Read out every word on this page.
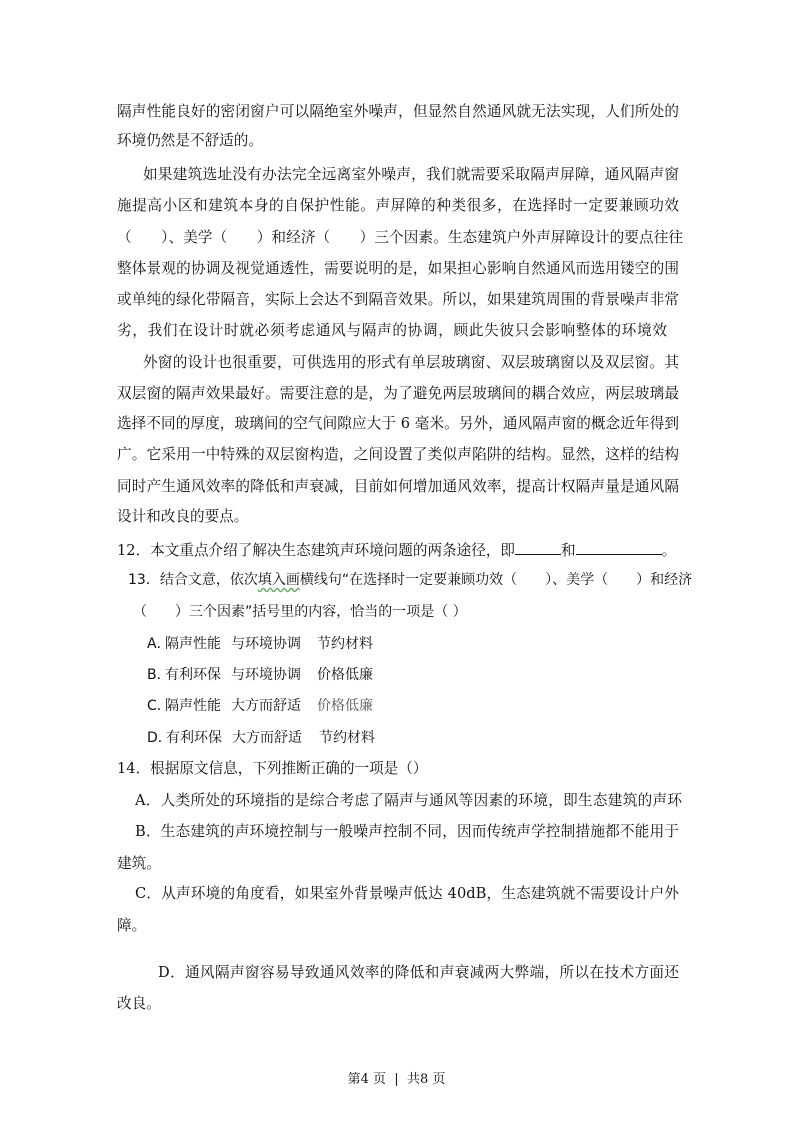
隔声性能良好的密闭窗户可以隔绝室外噪声，但显然自然通风就无法实现，人们所处的
环境仍然是不舒适的。
如果建筑选址没有办法完全远离室外噪声，我们就需要采取隔声屏障，通风隔声窗
施提高小区和建筑本身的自保护性能。声屏障的种类很多，在选择时一定要兼顾功效
（　　）、美学（　　）和经济（　　）三个因素。生态建筑户外声屏障设计的要点往往
整体景观的协调及视觉通透性，需要说明的是，如果担心影响自然通风而选用镂空的围
或单纯的绿化带隔音，实际上会达不到隔音效果。所以，如果建筑周围的背景噪声非常
劣，我们在设计时就必须考虑通风与隔声的协调，顾此失彼只会影响整体的环境效
外窗的设计也很重要，可供选用的形式有单层玻璃窗、双层玻璃窗以及双层窗。其
双层窗的隔声效果最好。需要注意的是，为了避免两层玻璃间的耦合效应，两层玻璃最
选择不同的厚度，玻璃间的空气间隙应大于 6 毫米。另外，通风隔声窗的概念近年得到
广。它采用一中特殊的双层窗构造，之间设置了类似声陷阱的结构。显然，这样的结构
同时产生通风效率的降低和声衰减，目前如何增加通风效率，提高计权隔声量是通风隔
设计和改良的要点。
12．本文重点介绍了解决生态建筑声环境问题的两条途径，即	和	。
13．结合文意，依次填入画横线句“在选择时一定要兼顾功效（　　）、美学（　　）和经济
（　　）三个因素”括号里的内容，恰当的一项是（ ）
A．
隔声性能 与环境协调 节约材料
B．
有利环保 与环境协调 价格低廉
C．
隔声性能 大方而舒适 价格低廉
D．
有利环保 大方而舒适 节约材料
14．根据原文信息，下列推断正确的一项是（）
A．人类所处的环境指的是综合考虑了隔声与通风等因素的环境，即生态建筑的声环
B．生态建筑的声环境控制与一般噪声控制不同，因而传统声学控制措施都不能用于
建筑。
C．从声环境的角度看，如果室外背景噪声低达 40dB，生态建筑就不需要设计户外
障。
D．通风隔声窗容易导致通风效率的降低和声衰减两大弊端，所以在技术方面还
改良。
第4 页  |  共8 页
